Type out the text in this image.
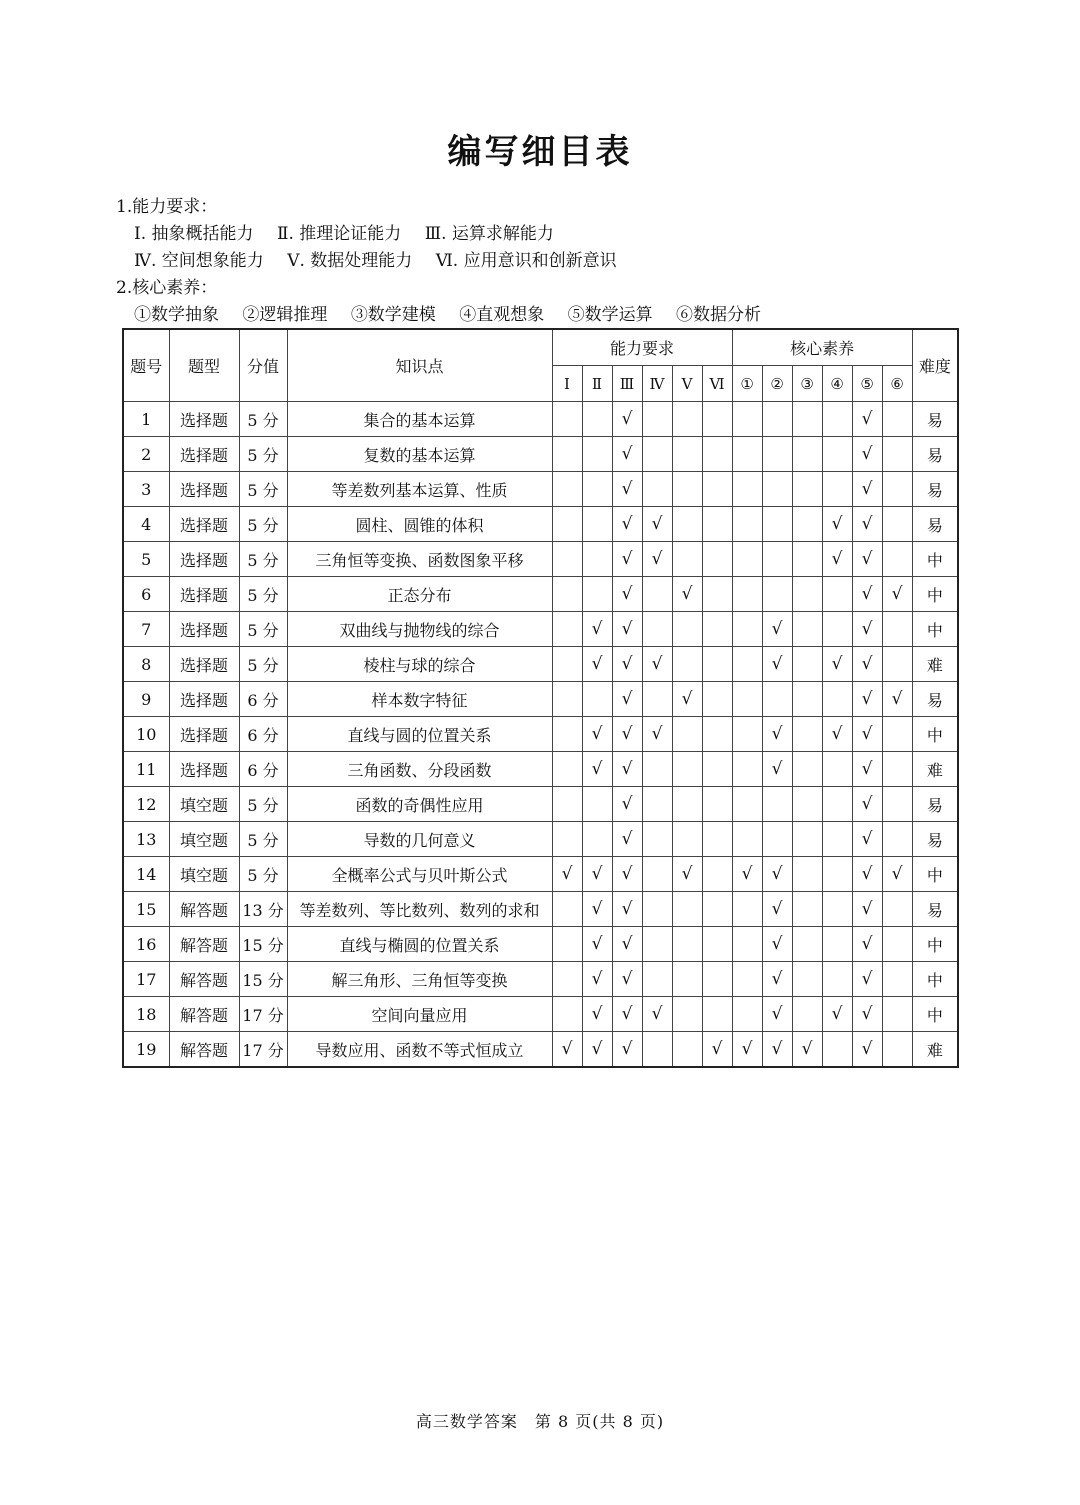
编写细目表
1.能力要求：
Ⅰ. 抽象概括能力 Ⅱ. 推理论证能力 Ⅲ. 运算求解能力
Ⅳ. 空间想象能力 Ⅴ. 数据处理能力 Ⅵ. 应用意识和创新意识
2.核心素养：
①数学抽象 ②逻辑推理 ③数学建模 ④直观想象 ⑤数学运算 ⑥数据分析
题号	题型	分值	知识点	能力要求						核心素养						难度
				Ⅰ	Ⅱ	Ⅲ	Ⅳ	Ⅴ	Ⅵ	①	②	③	④	⑤	⑥	
1	选择题	5 分	集合的基本运算			√								√		易
2	选择题	5 分	复数的基本运算			√								√		易
3	选择题	5 分	等差数列基本运算、性质			√								√		易
4	选择题	5 分	圆柱、圆锥的体积			√	√						√	√		易
5	选择题	5 分	三角恒等变换、函数图象平移			√	√						√	√		中
6	选择题	5 分	正态分布			√		√						√	√	中
7	选择题	5 分	双曲线与抛物线的综合		√	√					√			√		中
8	选择题	5 分	棱柱与球的综合		√	√	√				√		√	√		难
9	选择题	6 分	样本数字特征			√		√						√	√	易
10	选择题	6 分	直线与圆的位置关系		√	√	√				√		√	√		中
11	选择题	6 分	三角函数、分段函数		√	√					√			√		难
12	填空题	5 分	函数的奇偶性应用			√								√		易
13	填空题	5 分	导数的几何意义			√								√		易
14	填空题	5 分	全概率公式与贝叶斯公式	√	√	√		√		√	√			√	√	中
15	解答题	13 分	等差数列、等比数列、数列的求和		√	√					√			√		易
16	解答题	15 分	直线与椭圆的位置关系		√	√					√			√		中
17	解答题	15 分	解三角形、三角恒等变换		√	√					√			√		中
18	解答题	17 分	空间向量应用		√	√	√				√		√	√		中
19	解答题	17 分	导数应用、函数不等式恒成立	√	√	√			√	√	√	√		√		难
高三数学答案　第 8 页(共 8 页)
